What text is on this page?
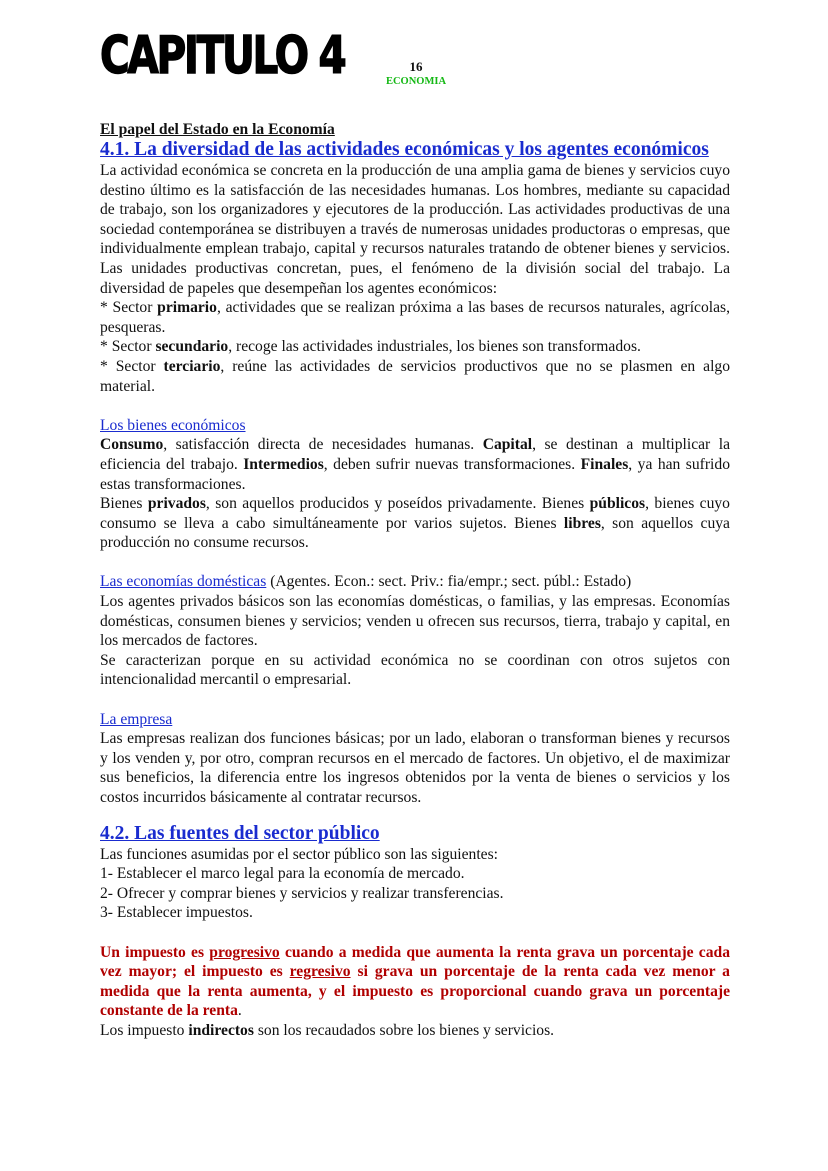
CAPITULO 4	16
ECONOMIA

El papel del Estado en la Economía

4.1. La diversidad de las actividades económicas y los agentes económicos

La actividad económica se concreta en la producción de una amplia gama de bienes y servicios cuyo destino último es la satisfacción de las necesidades humanas. Los hombres, mediante su capacidad de trabajo, son los organizadores y ejecutores de la producción. Las actividades productivas de una sociedad contemporánea se distribuyen a través de numerosas unidades productoras o empresas, que individualmente emplean trabajo, capital y recursos naturales tratando de obtener bienes y servicios. Las unidades productivas concretan, pues, el fenómeno de la división social del trabajo. La diversidad de papeles que desempeñan los agentes económicos:

* Sector primario, actividades que se realizan próxima a las bases de recursos naturales, agrícolas, pesqueras.

* Sector secundario, recoge las actividades industriales, los bienes son transformados.

* Sector terciario, reúne las actividades de servicios productivos que no se plasmen en algo material.

Los bienes económicos

Consumo, satisfacción directa de necesidades humanas. Capital, se destinan a multiplicar la eficiencia del trabajo. Intermedios, deben sufrir nuevas transformaciones. Finales, ya han sufrido estas transformaciones.

Bienes privados, son aquellos producidos y poseídos privadamente. Bienes públicos, bienes cuyo consumo se lleva a cabo simultáneamente por varios sujetos. Bienes libres, son aquellos cuya producción no consume recursos.

Las economías domésticas (Agentes. Econ.: sect. Priv.: fia/empr.; sect. públ.: Estado)

Los agentes privados básicos son las economías domésticas, o familias, y las empresas. Economías domésticas, consumen bienes y servicios; venden u ofrecen sus recursos, tierra, trabajo y capital, en los mercados de factores.

Se caracterizan porque en su actividad económica no se coordinan con otros sujetos con intencionalidad mercantil o empresarial.

La empresa

Las empresas realizan dos funciones básicas; por un lado, elaboran o transforman bienes y recursos y los venden y, por otro, compran recursos en el mercado de factores. Un objetivo, el de maximizar sus beneficios, la diferencia entre los ingresos obtenidos por la venta de bienes o servicios y los costos incurridos básicamente al contratar recursos.

4.2. Las fuentes del sector público

Las funciones asumidas por el sector público son las siguientes:

1- Establecer el marco legal para la economía de mercado.

2- Ofrecer y comprar bienes y servicios y realizar transferencias.

3- Establecer impuestos.

Un impuesto es progresivo cuando a medida que aumenta la renta grava un porcentaje cada vez mayor; el impuesto es regresivo si grava un porcentaje de la renta cada vez menor a medida que la renta aumenta, y el impuesto es proporcional cuando grava un porcentaje constante de la renta.

Los impuesto indirectos son los recaudados sobre los bienes y servicios.
